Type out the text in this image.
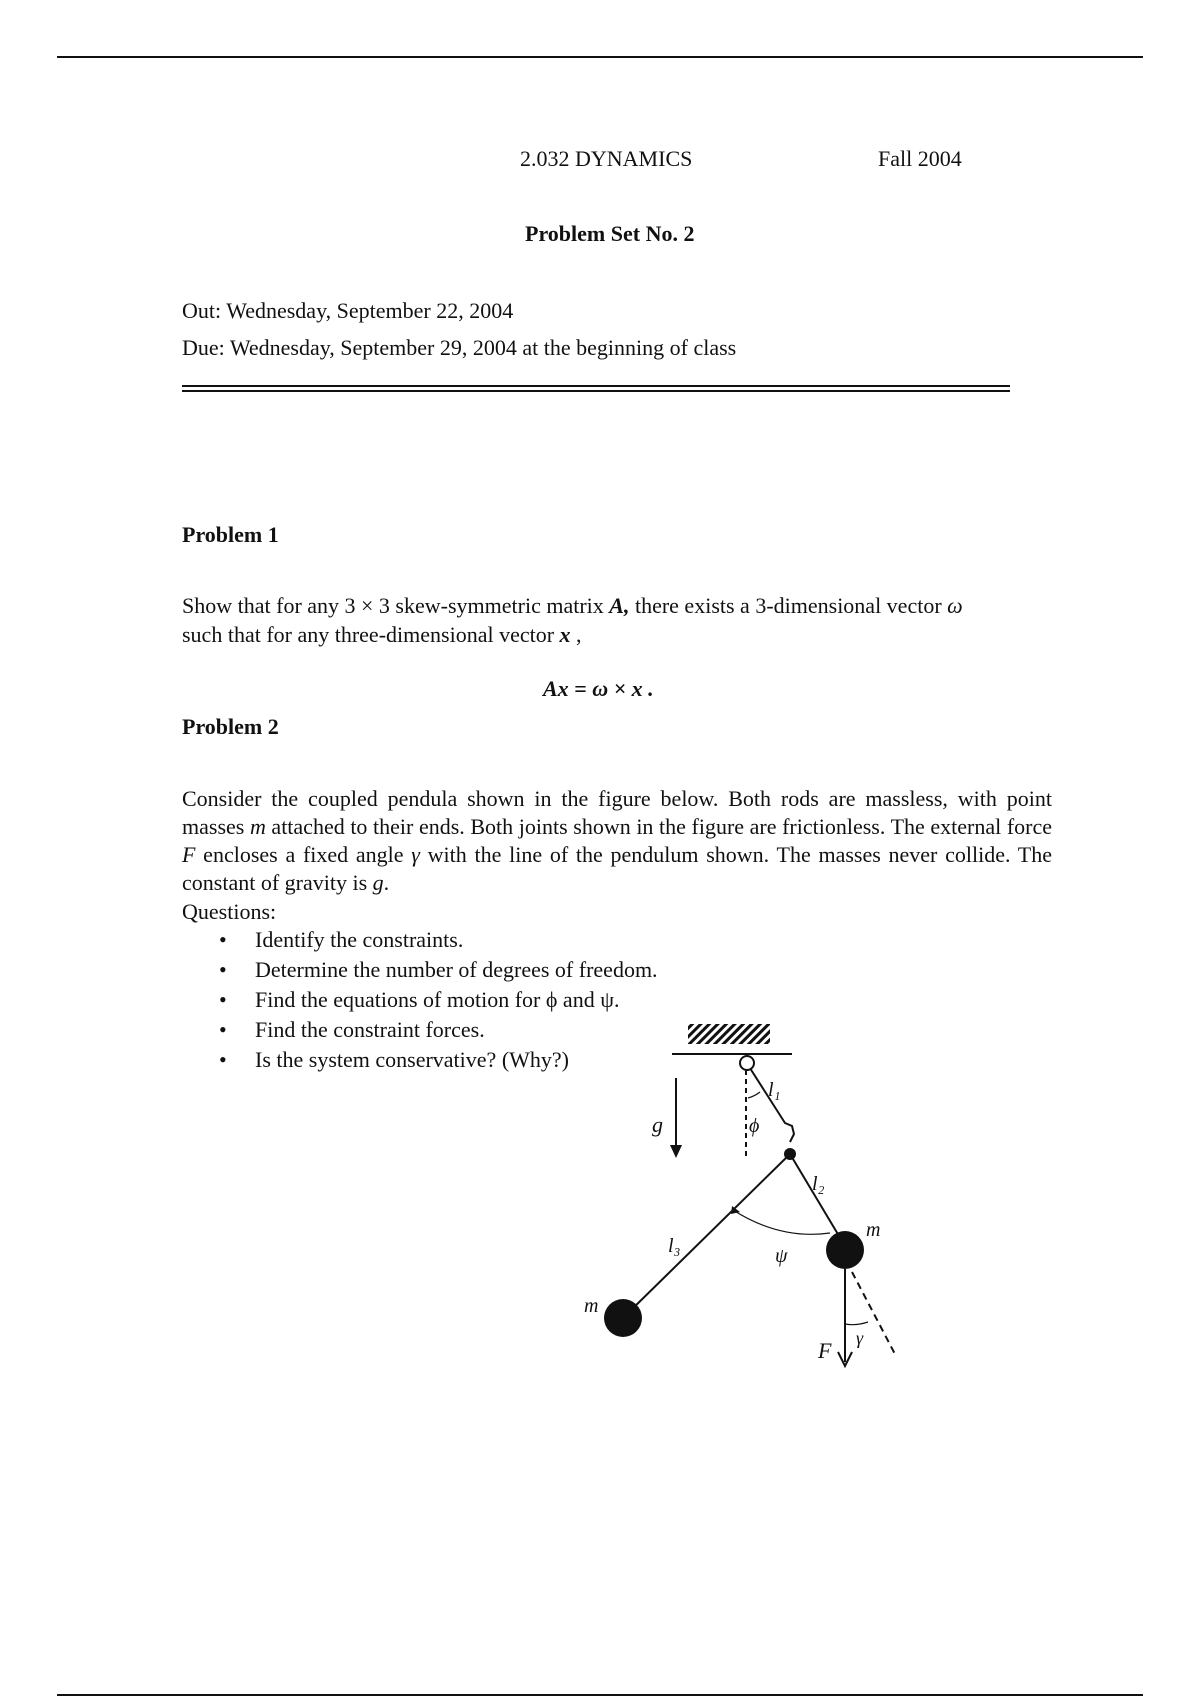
2.032 DYNAMICS	Fall 2004
Problem Set No. 2
Out: Wednesday, September 22, 2004
Due: Wednesday, September 29, 2004 at the beginning of class
Problem 1
Show that for any 3 × 3 skew-symmetric matrix A, there exists a 3-dimensional vector ω
such that for any three-dimensional vector x ,
Ax = ω × x .
Problem 2
Consider the coupled pendula shown in the figure below. Both rods are massless, with point masses m attached to their ends. Both joints shown in the figure are frictionless. The external force F encloses a fixed angle γ with the line of the pendulum shown. The masses never collide. The constant of gravity is g.
Questions:
• Identify the constraints.
• Determine the number of degrees of freedom.
• Find the equations of motion for ϕ and ψ.
• Find the constraint forces.
• Is the system conservative? (Why?)
g
l₁
ϕ
l₂
l₃	ψ
m
m
F γ
